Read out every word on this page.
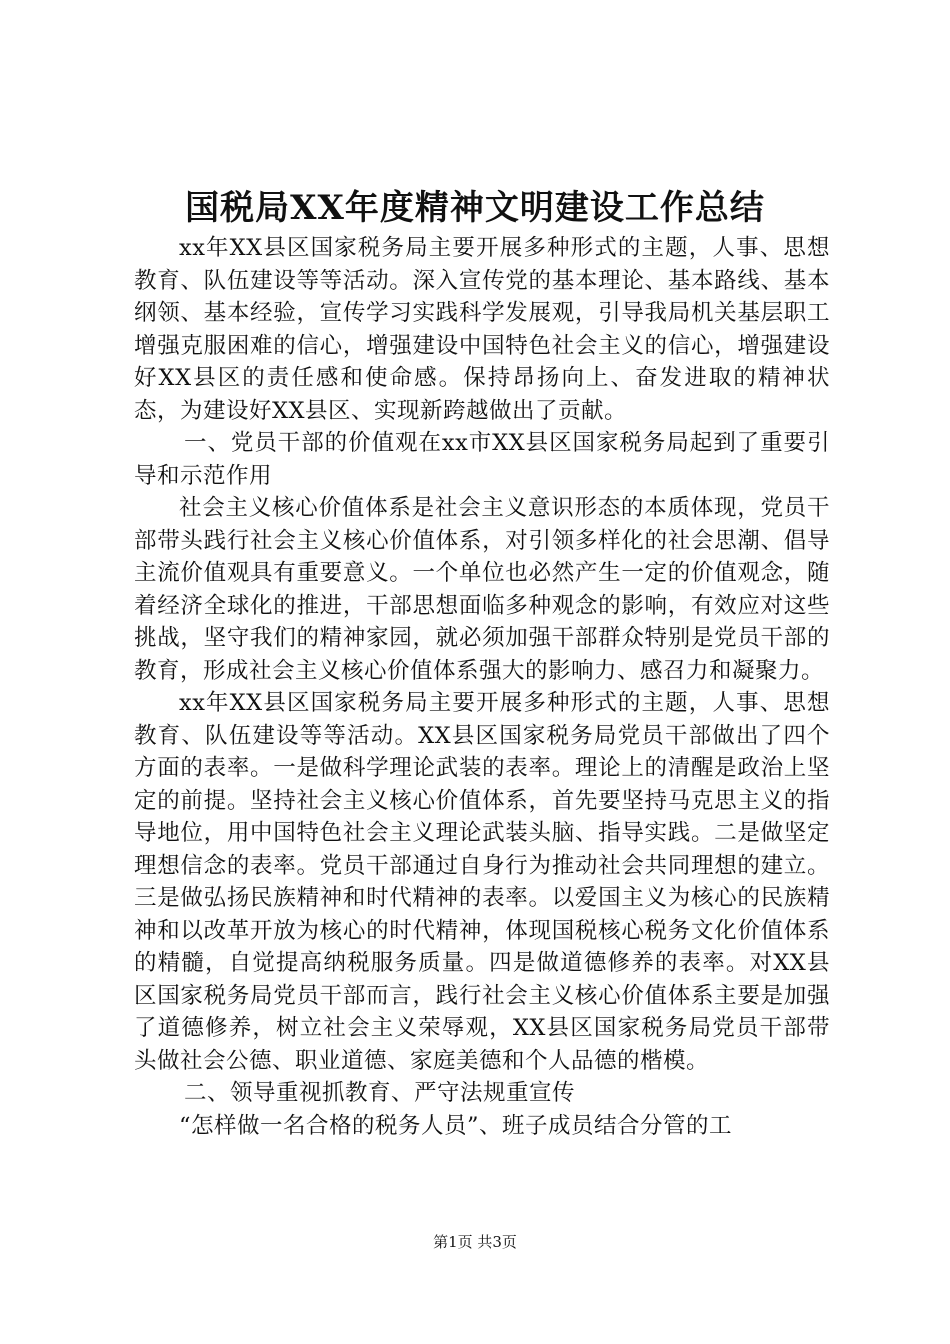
国税局XX年度精神文明建设工作总结

xx年XX县区国家税务局主要开展多种形式的主题，人事、思想教育、队伍建设等等活动。深入宣传党的基本理论、基本路线、基本纲领、基本经验，宣传学习实践科学发展观，引导我局机关基层职工增强克服困难的信心，增强建设中国特色社会主义的信心，增强建设好XX县区的责任感和使命感。保持昂扬向上、奋发进取的精神状态，为建设好XX县区、实现新跨越做出了贡献。

一、党员干部的价值观在xx市XX县区国家税务局起到了重要引导和示范作用

社会主义核心价值体系是社会主义意识形态的本质体现，党员干部带头践行社会主义核心价值体系，对引领多样化的社会思潮、倡导主流价值观具有重要意义。一个单位也必然产生一定的价值观念，随着经济全球化的推进，干部思想面临多种观念的影响，有效应对这些挑战，坚守我们的精神家园，就必须加强干部群众特别是党员干部的教育，形成社会主义核心价值体系强大的影响力、感召力和凝聚力。

xx年XX县区国家税务局主要开展多种形式的主题，人事、思想教育、队伍建设等等活动。XX县区国家税务局党员干部做出了四个方面的表率。一是做科学理论武装的表率。理论上的清醒是政治上坚定的前提。坚持社会主义核心价值体系，首先要坚持马克思主义的指导地位，用中国特色社会主义理论武装头脑、指导实践。二是做坚定理想信念的表率。党员干部通过自身行为推动社会共同理想的建立。三是做弘扬民族精神和时代精神的表率。以爱国主义为核心的民族精神和以改革开放为核心的时代精神，体现国税核心税务文化价值体系的精髓，自觉提高纳税服务质量。四是做道德修养的表率。对XX县区国家税务局党员干部而言，践行社会主义核心价值体系主要是加强了道德修养，树立社会主义荣辱观，XX县区国家税务局党员干部带头做社会公德、职业道德、家庭美德和个人品德的楷模。

二、领导重视抓教育、严守法规重宣传

“怎样做一名合格的税务人员”、班子成员结合分管的工

第1页 共3页
